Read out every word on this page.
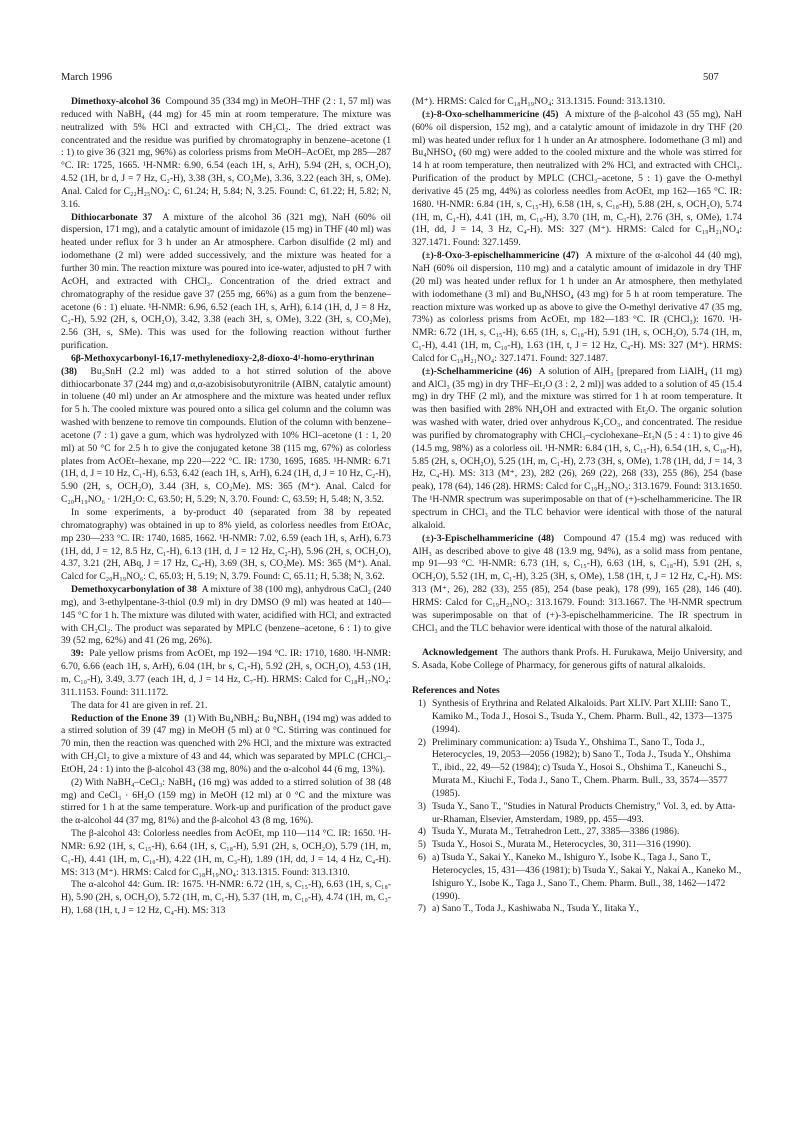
March 1996	507

Dimethoxy-alcohol 36 Compound 35 (334 mg) in MeOH–THF (2 : 1, 57 ml) was reduced with NaBH₄ (44 mg) for 45 min at room temperature. The mixture was neutralized with 5% HCl and extracted with CH₂Cl₂. The dried extract was concentrated and the residue was purified by chromatography in benzene–acetone (1 : 1) to give 36 (321 mg, 96%) as colorless prisms from MeOH–AcOEt, mp 285—287 °C. IR: 1725, 1665. ¹H-NMR: 6.90, 6.54 (each 1H, s, ArH), 5.94 (2H, s, OCH₂O), 4.52 (1H, br d, J = 7 Hz, C₂-H), 3.38 (3H, s, CO₂Me), 3.36, 3.22 (each 3H, s, OMe). Anal. Calcd for C₂₂H₂₅NO₈: C, 61.24; H, 5.84; N, 3.25. Found: C, 61.22; H, 5.82; N, 3.16.

Dithiocarbonate 37 A mixture of the alcohol 36 (321 mg), NaH (60% oil dispersion, 171 mg), and a catalytic amount of imidazole (15 mg) in THF (40 ml) was heated under reflux for 3 h under an Ar atmosphere. Carbon disulfide (2 ml) and iodomethane (2 ml) were added successively, and the mixture was heated for a further 30 min. The reaction mixture was poured into ice-water, adjusted to pH 7 with AcOH, and extracted with CHCl₃. Concentration of the dried extract and chromatography of the residue gave 37 (255 mg, 66%) as a gum from the benzene–acetone (6 : 1) eluate. ¹H-NMR: 6.96, 6.52 (each 1H, s, ArH), 6.14 (1H, d, J = 8 Hz, C₂-H), 5.92 (2H, s, OCH₂O), 3.42, 3.38 (each 3H, s, OMe), 3.22 (3H, s, CO₂Me), 2.56 (3H, s, SMe). This was used for the following reaction without further purification.

6β-Methoxycarbonyl-16,17-methylenedioxy-2,8-dioxo-4¹-homo-erythrinan (38) Bu₃SnH (2.2 ml) was added to a hot stirred solution of the above dithiocarbonate 37 (244 mg) and α,α-azobisisobutyronitrile (AIBN, catalytic amount) in toluene (40 ml) under an Ar atmosphere and the mixture was heated under reflux for 5 h. The cooled mixture was poured onto a silica gel column and the column was washed with benzene to remove tin compounds. Elution of the column with benzene–acetone (7 : 1) gave a gum, which was hydrolyzed with 10% HCl–acetone (1 : 1, 20 ml) at 50 °C for 2.5 h to give the conjugated ketone 38 (115 mg, 67%) as colorless plates from AcOEt–hexane, mp 220—222 °C. IR: 1730, 1695, 1685. ¹H-NMR: 6.71 (1H, d, J = 10 Hz, C₁-H), 6.53, 6.42 (each 1H, s, ArH), 6.24 (1H, d, J = 10 Hz, C₂-H), 5.90 (2H, s, OCH₂O), 3.44 (3H, s, CO₂Me). MS: 365 (M⁺). Anal. Calcd for C₂₀H₁₉NO₆ · 1/2H₂O: C, 63.50; H, 5.29; N, 3.70. Found: C, 63.59; H, 5.48; N, 3.52.

In some experiments, a by-product 40 (separated from 38 by repeated chromatography) was obtained in up to 8% yield, as colorless needles from EtOAc, mp 230—233 °C. IR: 1740, 1685, 1662. ¹H-NMR: 7.02, 6.59 (each 1H, s, ArH), 6.73 (1H, dd, J = 12, 8.5 Hz, C₁-H), 6.13 (1H, d, J = 12 Hz, C₂-H), 5.96 (2H, s, OCH₂O), 4.37, 3.21 (2H, ABq, J = 17 Hz, C₄-H), 3.69 (3H, s, CO₂Me). MS: 365 (M⁺). Anal. Calcd for C₂₀H₁₉NO₆: C, 65.03; H, 5.19; N, 3.79. Found: C, 65.11; H, 5.38; N, 3.62.

Demethoxycarbonylation of 38 A mixture of 38 (100 mg), anhydrous CaCl₂ (240 mg), and 3-ethylpentane-3-thiol (0.9 ml) in dry DMSO (9 ml) was heated at 140—145 °C for 1 h. The mixture was diluted with water, acidified with HCl, and extracted with CH₂Cl₂. The product was separated by MPLC (benzene–acetone, 6 : 1) to give 39 (52 mg, 62%) and 41 (26 mg, 26%).

39: Pale yellow prisms from AcOEt, mp 192—194 °C. IR: 1710, 1680. ¹H-NMR: 6.70, 6.66 (each 1H, s, ArH), 6.04 (1H, br s, C₁-H), 5.92 (2H, s, OCH₂O), 4.53 (1H, m, C₁₀-H), 3.49, 3.77 (each 1H, d, J = 14 Hz, C₇-H). HRMS: Calcd for C₁₈H₁₇NO₄: 311.1153. Found: 311.1172.

The data for 41 are given in ref. 21.

Reduction of the Enone 39 (1) With Bu₄NBH₄: Bu₄NBH₄ (194 mg) was added to a stirred solution of 39 (47 mg) in MeOH (5 ml) at 0 °C. Stirring was continued for 70 min, then the reaction was quenched with 2% HCl, and the mixture was extracted with CH₂Cl₂ to give a mixture of 43 and 44, which was separated by MPLC (CHCl₃–EtOH, 24 : 1) into the β-alcohol 43 (38 mg, 80%) and the α-alcohol 44 (6 mg, 13%).

(2) With NaBH₄–CeCl₃: NaBH₄ (16 mg) was added to a stirred solution of 38 (48 mg) and CeCl₃ · 6H₂O (159 mg) in MeOH (12 ml) at 0 °C and the mixture was stirred for 1 h at the same temperature. Work-up and purification of the product gave the α-alcohol 44 (37 mg, 81%) and the β-alcohol 43 (8 mg, 16%).

The β-alcohol 43: Colorless needles from AcOEt, mp 110—114 °C. IR: 1650. ¹H-NMR: 6.92 (1H, s, C₁₅-H), 6.64 (1H, s, C₁₈-H), 5.91 (2H, s, OCH₂O), 5.79 (1H, m, C₁-H), 4.41 (1H, m, C₁₀-H), 4.22 (1H, m, C₃-H), 1.89 (1H, dd, J = 14, 4 Hz, C₄-H). MS: 313 (M⁺). HRMS: Calcd for C₁₈H₁₉NO₄: 313.1315. Found: 313.1310.

The α-alcohol 44: Gum. IR: 1675. ¹H-NMR: 6.72 (1H, s, C₁₅-H), 6.63 (1H, s, C₁₈-H), 5.90 (2H, s, OCH₂O), 5.72 (1H, m, C₁-H), 5.37 (1H, m, C₁₀-H), 4.74 (1H, m, C₃-H), 1.68 (1H, t, J = 12 Hz, C₄-H). MS: 313

(M⁺). HRMS: Calcd for C₁₈H₁₉NO₄: 313.1315. Found: 313.1310.

(±)-8-Oxo-schelhammericine (45) A mixture of the β-alcohol 43 (55 mg), NaH (60% oil dispersion, 152 mg), and a catalytic amount of imidazole in dry THF (20 ml) was heated under reflux for 1 h under an Ar atmosphere. Iodomethane (3 ml) and Bu₄NHSO₄ (60 mg) were added to the cooled mixture and the whole was stirred for 14 h at room temperature, then neutralized with 2% HCl, and extracted with CHCl₃. Purification of the product by MPLC (CHCl₃–acetone, 5 : 1) gave the O-methyl derivative 45 (25 mg, 44%) as colorless needles from AcOEt, mp 162—165 °C. IR: 1680. ¹H-NMR: 6.84 (1H, s, C₁₅-H), 6.58 (1H, s, C₁₈-H), 5.88 (2H, s, OCH₂O), 5.74 (1H, m, C₁-H), 4.41 (1H, m, C₁₀-H), 3.70 (1H, m, C₃-H), 2.76 (3H, s, OMe), 1.74 (1H, dd, J = 14, 3 Hz, C₄-H). MS: 327 (M⁺). HRMS: Calcd for C₁₉H₂₁NO₄: 327.1471. Found: 327.1459.

(±)-8-Oxo-3-epischelhammericine (47) A mixture of the α-alcohol 44 (40 mg), NaH (60% oil dispersion, 110 mg) and a catalytic amount of imidazole in dry THF (20 ml) was heated under reflux for 1 h under an Ar atmosphere, then methylated with iodomethane (3 ml) and Bu₄NHSO₄ (43 mg) for 5 h at room temperature. The reaction mixture was worked up as above to give the O-methyl derivative 47 (35 mg, 73%) as colorless prisms from AcOEt, mp 182—183 °C. IR (CHCl₃): 1670. ¹H-NMR: 6.72 (1H, s, C₁₅-H), 6.65 (1H, s, C₁₈-H), 5.91 (1H, s, OCH₂O), 5.74 (1H, m, C₁-H), 4.41 (1H, m, C₁₀-H), 1.63 (1H, t, J = 12 Hz, C₄-H). MS: 327 (M⁺). HRMS: Calcd for C₁₉H₂₁NO₄: 327.1471. Found: 327.1487.

(±)-Schelhammericine (46) A solution of AlH₃ [prepared from LiAlH₄ (11 mg) and AlCl₃ (35 mg) in dry THF–Et₂O (3 : 2, 2 ml)] was added to a solution of 45 (15.4 mg) in dry THF (2 ml), and the mixture was stirred for 1 h at room temperature. It was then basified with 28% NH₄OH and extracted with Et₂O. The organic solution was washed with water, dried over anhydrous K₂CO₃, and concentrated. The residue was purified by chromatography with CHCl₃–cyclohexane–Et₃N (5 : 4 : 1) to give 46 (14.5 mg, 98%) as a colorless oil. ¹H-NMR: 6.84 (1H, s, C₁₅-H), 6.54 (1H, s, C₁₈-H), 5.85 (2H, s, OCH₂O), 5.25 (1H, m, C₁-H), 2.73 (3H, s, OMe), 1.78 (1H, dd, J = 14, 3 Hz, C₄-H). MS: 313 (M⁺, 23), 282 (26), 269 (22), 268 (33), 255 (86), 254 (base peak), 178 (64), 146 (28). HRMS: Calcd for C₁₉H₂₃NO₃: 313.1679. Found: 313.1650. The ¹H-NMR spectrum was superimposable on that of (+)-schelhammericine. The IR spectrum in CHCl₃ and the TLC behavior were identical with those of the natural alkaloid.

(±)-3-Epischelhammericine (48) Compound 47 (15.4 mg) was reduced with AlH₃ as described above to give 48 (13.9 mg, 94%), as a solid mass from pentane, mp 91—93 °C. ¹H-NMR: 6.73 (1H, s, C₁₅-H), 6.63 (1H, s, C₁₈-H), 5.91 (2H, s, OCH₂O), 5.52 (1H, m, C₁-H), 3.25 (3H, s, OMe), 1.58 (1H, t, J = 12 Hz, C₄-H). MS: 313 (M⁺, 26), 282 (33), 255 (85), 254 (base peak), 178 (99), 165 (28), 146 (40). HRMS: Calcd for C₁₉H₂₃NO₃: 313.1679. Found: 313.1667. The ¹H-NMR spectrum was superimposable on that of (+)-3-epischelhammericine. The IR spectrum in CHCl₃ and the TLC behavior were identical with those of the natural alkaloid.

Acknowledgement The authors thank Profs. H. Furukawa, Meijo University, and S. Asada, Kobe College of Pharmacy, for generous gifts of natural alkaloids.

References and Notes
1) Synthesis of Erythrina and Related Alkaloids. Part XLIV. Part XLIII: Sano T., Kamiko M., Toda J., Hosoi S., Tsuda Y., Chem. Pharm. Bull., 42, 1373—1375 (1994).
2) Preliminary communication: a) Tsuda Y., Ohshima T., Sano T., Toda J., Heterocycles, 19, 2053—2056 (1982); b) Sano T., Toda J., Tsuda Y., Ohshima T., ibid., 22, 49—52 (1984); c) Tsuda Y., Hosoi S., Ohshima T., Kaneuchi S., Murata M., Kiuchi F., Toda J., Sano T., Chem. Pharm. Bull., 33, 3574—3577 (1985).
3) Tsuda Y., Sano T., "Studies in Natural Products Chemistry," Vol. 3, ed. by Atta-ur-Rhaman, Elsevier, Amsterdam, 1989, pp. 455—493.
4) Tsuda Y., Murata M., Tetrahedron Lett., 27, 3385—3386 (1986).
5) Tsuda Y., Hosoi S., Murata M., Heterocycles, 30, 311—316 (1990).
6) a) Tsuda Y., Sakai Y., Kaneko M., Ishiguro Y., Isobe K., Taga J., Sano T., Heterocycles, 15, 431—436 (1981); b) Tsuda Y., Sakai Y., Nakai A., Kaneko M., Ishiguro Y., Isobe K., Taga J., Sano T., Chem. Pharm. Bull., 38, 1462—1472 (1990).
7) a) Sano T., Toda J., Kashiwaba N., Tsuda Y., Iitaka Y.,
